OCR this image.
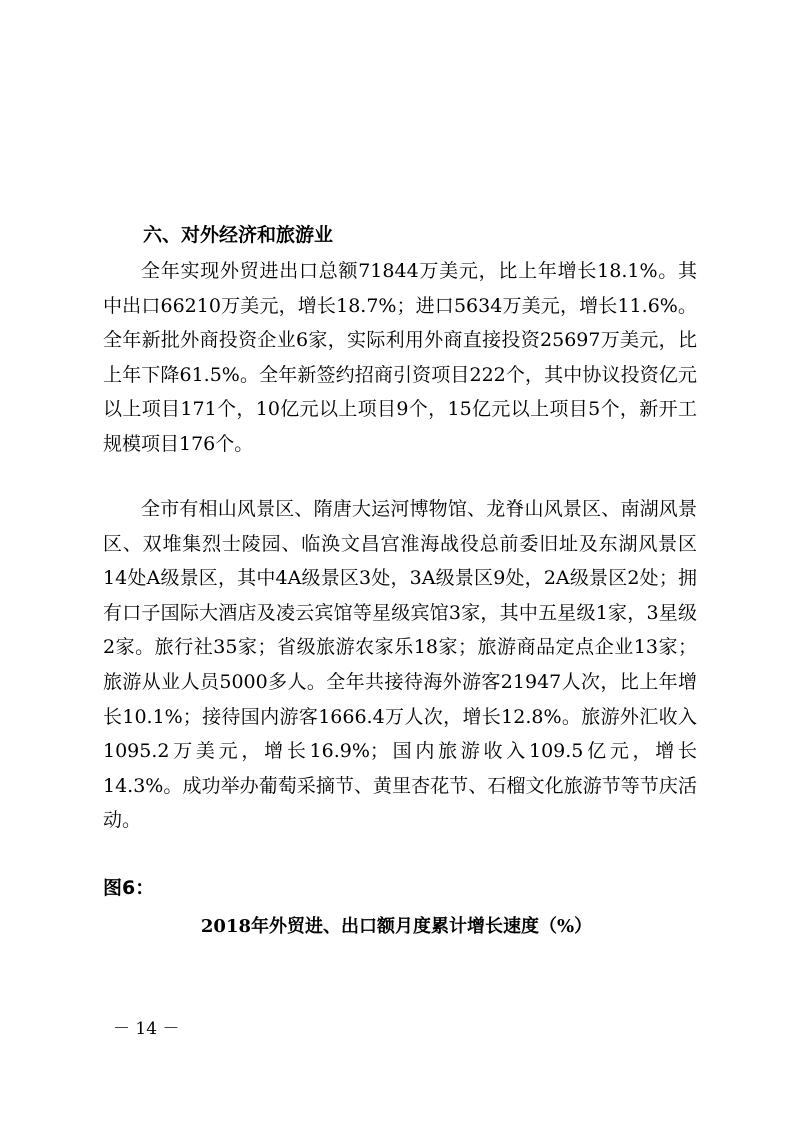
六、对外经济和旅游业

全年实现外贸进出口总额71844万美元，比上年增长18.1%。其中出口66210万美元，增长18.7%；进口5634万美元，增长11.6%。全年新批外商投资企业6家，实际利用外商直接投资25697万美元，比上年下降61.5%。全年新签约招商引资项目222个，其中协议投资亿元以上项目171个，10亿元以上项目9个，15亿元以上项目5个，新开工规模项目176个。

全市有相山风景区、隋唐大运河博物馆、龙脊山风景区、南湖风景区、双堆集烈士陵园、临涣文昌宫淮海战役总前委旧址及东湖风景区14处A级景区，其中4A级景区3处，3A级景区9处，2A级景区2处；拥有口子国际大酒店及凌云宾馆等星级宾馆3家，其中五星级1家，3星级2家。旅行社35家；省级旅游农家乐18家；旅游商品定点企业13家；旅游从业人员5000多人。全年共接待海外游客21947人次，比上年增长10.1%；接待国内游客1666.4万人次，增长12.8%。旅游外汇收入1095.2万美元，增长16.9%；国内旅游收入109.5亿元，增长14.3%。成功举办葡萄采摘节、黄里杏花节、石榴文化旅游节等节庆活动。

图6：
2018年外贸进、出口额月度累计增长速度（%）
－ 14 －
